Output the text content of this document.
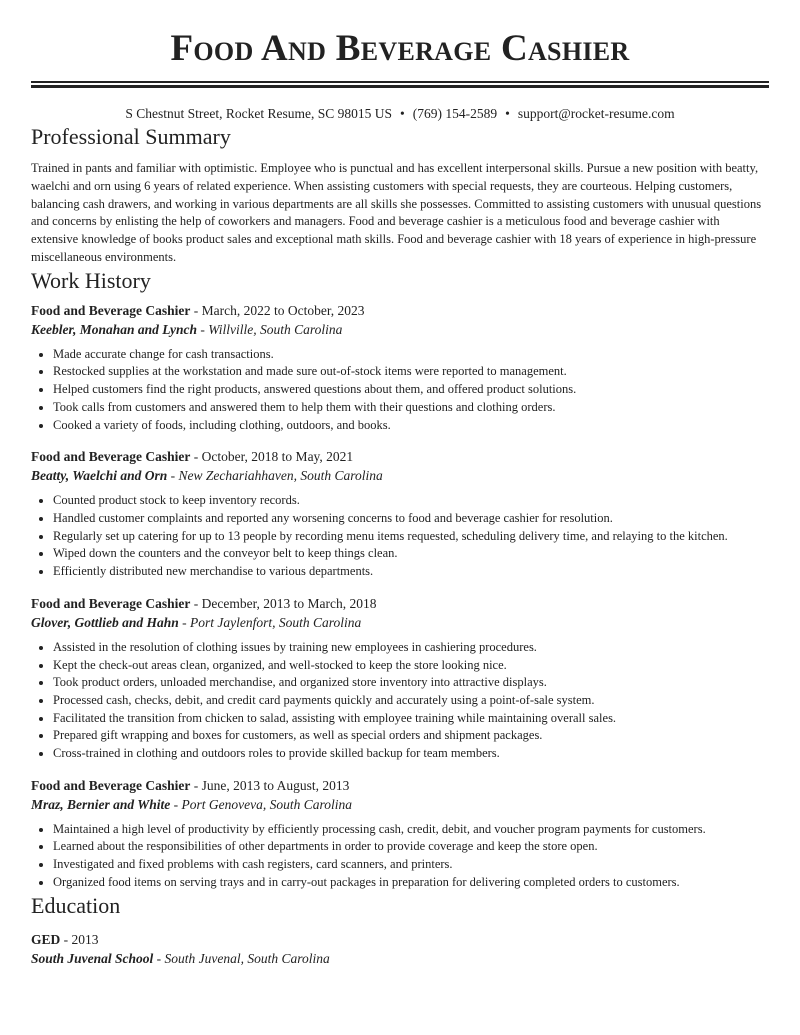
Food And Beverage Cashier
S Chestnut Street, Rocket Resume, SC 98015 US • (769) 154-2589 • support@rocket-resume.com
Professional Summary

Trained in pants and familiar with optimistic. Employee who is punctual and has excellent interpersonal skills. Pursue a new position with beatty, waelchi and orn using 6 years of related experience. When assisting customers with special requests, they are courteous. Helping customers, balancing cash drawers, and working in various departments are all skills she possesses. Committed to assisting customers with unusual questions and concerns by enlisting the help of coworkers and managers. Food and beverage cashier is a meticulous food and beverage cashier with extensive knowledge of books product sales and exceptional math skills. Food and beverage cashier with 18 years of experience in high-pressure miscellaneous environments.

Work History
Food and Beverage Cashier - March, 2022 to October, 2023
Keebler, Monahan and Lynch - Willville, South Carolina
• Made accurate change for cash transactions.
• Restocked supplies at the workstation and made sure out-of-stock items were reported to management.
• Helped customers find the right products, answered questions about them, and offered product solutions.
• Took calls from customers and answered them to help them with their questions and clothing orders.
• Cooked a variety of foods, including clothing, outdoors, and books.
Food and Beverage Cashier - October, 2018 to May, 2021
Beatty, Waelchi and Orn - New Zechariahhaven, South Carolina
• Counted product stock to keep inventory records.
• Handled customer complaints and reported any worsening concerns to food and beverage cashier for resolution.
• Regularly set up catering for up to 13 people by recording menu items requested, scheduling delivery time, and relaying to the kitchen.
• Wiped down the counters and the conveyor belt to keep things clean.
• Efficiently distributed new merchandise to various departments.
Food and Beverage Cashier - December, 2013 to March, 2018
Glover, Gottlieb and Hahn - Port Jaylenfort, South Carolina
• Assisted in the resolution of clothing issues by training new employees in cashiering procedures.
• Kept the check-out areas clean, organized, and well-stocked to keep the store looking nice.
• Took product orders, unloaded merchandise, and organized store inventory into attractive displays.
• Processed cash, checks, debit, and credit card payments quickly and accurately using a point-of-sale system.
• Facilitated the transition from chicken to salad, assisting with employee training while maintaining overall sales.
• Prepared gift wrapping and boxes for customers, as well as special orders and shipment packages.
• Cross-trained in clothing and outdoors roles to provide skilled backup for team members.
Food and Beverage Cashier - June, 2013 to August, 2013
Mraz, Bernier and White - Port Genoveva, South Carolina
• Maintained a high level of productivity by efficiently processing cash, credit, debit, and voucher program payments for customers.
• Learned about the responsibilities of other departments in order to provide coverage and keep the store open.
• Investigated and fixed problems with cash registers, card scanners, and printers.
• Organized food items on serving trays and in carry-out packages in preparation for delivering completed orders to customers.
Education
GED - 2013
South Juvenal School - South Juvenal, South Carolina
